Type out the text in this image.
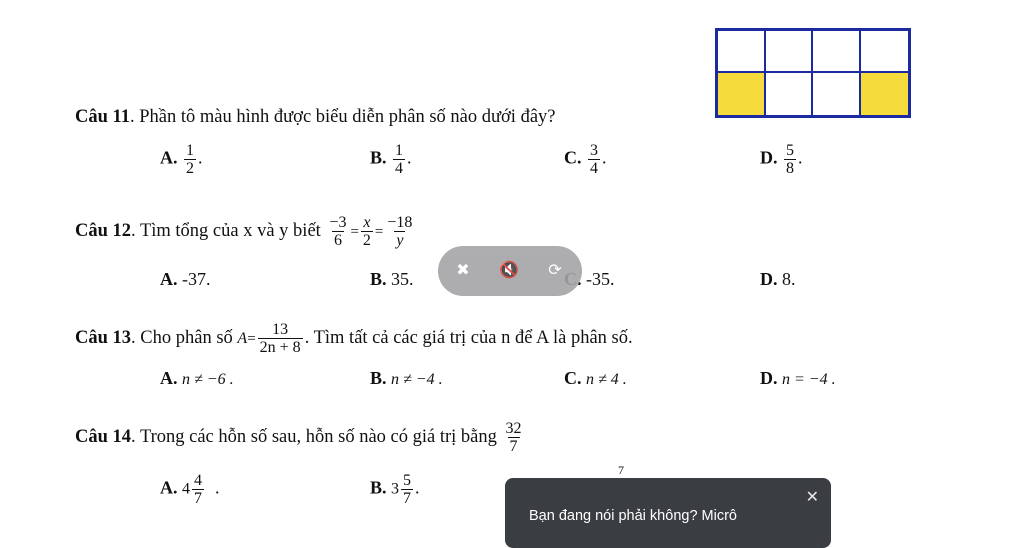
Câu 11. Phần tô màu hình được biểu diễn phân số nào dưới đây?
A. $\frac{1}{2}$ .	B. $\frac{1}{4}$ .	C. $\frac{3}{4}$ .	D. $\frac{5}{8}$ .
Câu 12. Tìm tổng của x và y biết $\frac{-3}{6} = \frac{x}{2} = \frac{-18}{y}$
A. -37.	B. 35.	-35.	D. 8.
✖ 🔇 ⟳
Câu 13. Cho phân số $A= \frac{13}{2n + 8}$ . Tìm tất cả các giá trị của n để A là phân số.
A. n ≠ −6 .	B. n ≠ −4 .	C. n ≠ 4 .	D. n = −4 .
Câu 14. Trong các hỗn số sau, hỗn số nào có giá trị bằng $\frac{32}{7}$
A. $4 \frac{4}{7}$ .	B. $3 \frac{5}{7}$ .
7
Bạn đang nói phải không? Micrô
✕
